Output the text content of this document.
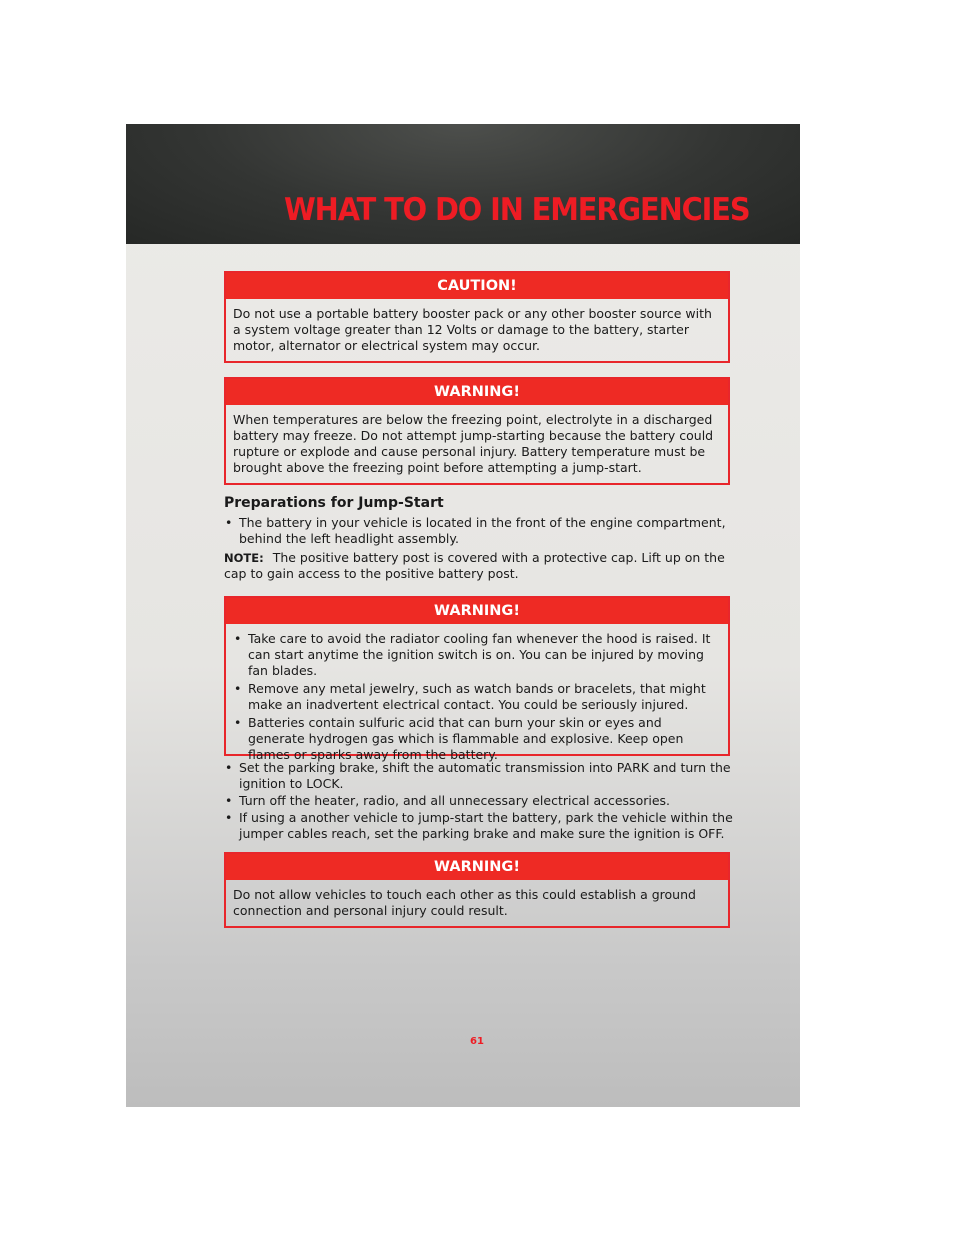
WHAT TO DO IN EMERGENCIES
CAUTION!
Do not use a portable battery booster pack or any other booster source with a system voltage greater than 12 Volts or damage to the battery, starter motor, alternator or electrical system may occur.
WARNING!
When temperatures are below the freezing point, electrolyte in a discharged battery may freeze. Do not attempt jump-starting because the battery could rupture or explode and cause personal injury. Battery temperature must be brought above the freezing point before attempting a jump-start.
Preparations for Jump-Start
• The battery in your vehicle is located in the front of the engine compartment, behind the left headlight assembly.
NOTE: The positive battery post is covered with a protective cap. Lift up on the cap to gain access to the positive battery post.
WARNING!
• Take care to avoid the radiator cooling fan whenever the hood is raised. It can start anytime the ignition switch is on. You can be injured by moving fan blades.
• Remove any metal jewelry, such as watch bands or bracelets, that might make an inadvertent electrical contact. You could be seriously injured.
• Batteries contain sulfuric acid that can burn your skin or eyes and generate hydrogen gas which is flammable and explosive. Keep open flames or sparks away from the battery.
• Set the parking brake, shift the automatic transmission into PARK and turn the ignition to LOCK.
• Turn off the heater, radio, and all unnecessary electrical accessories.
• If using a another vehicle to jump-start the battery, park the vehicle within the jumper cables reach, set the parking brake and make sure the ignition is OFF.
WARNING!
Do not allow vehicles to touch each other as this could establish a ground connection and personal injury could result.
61
